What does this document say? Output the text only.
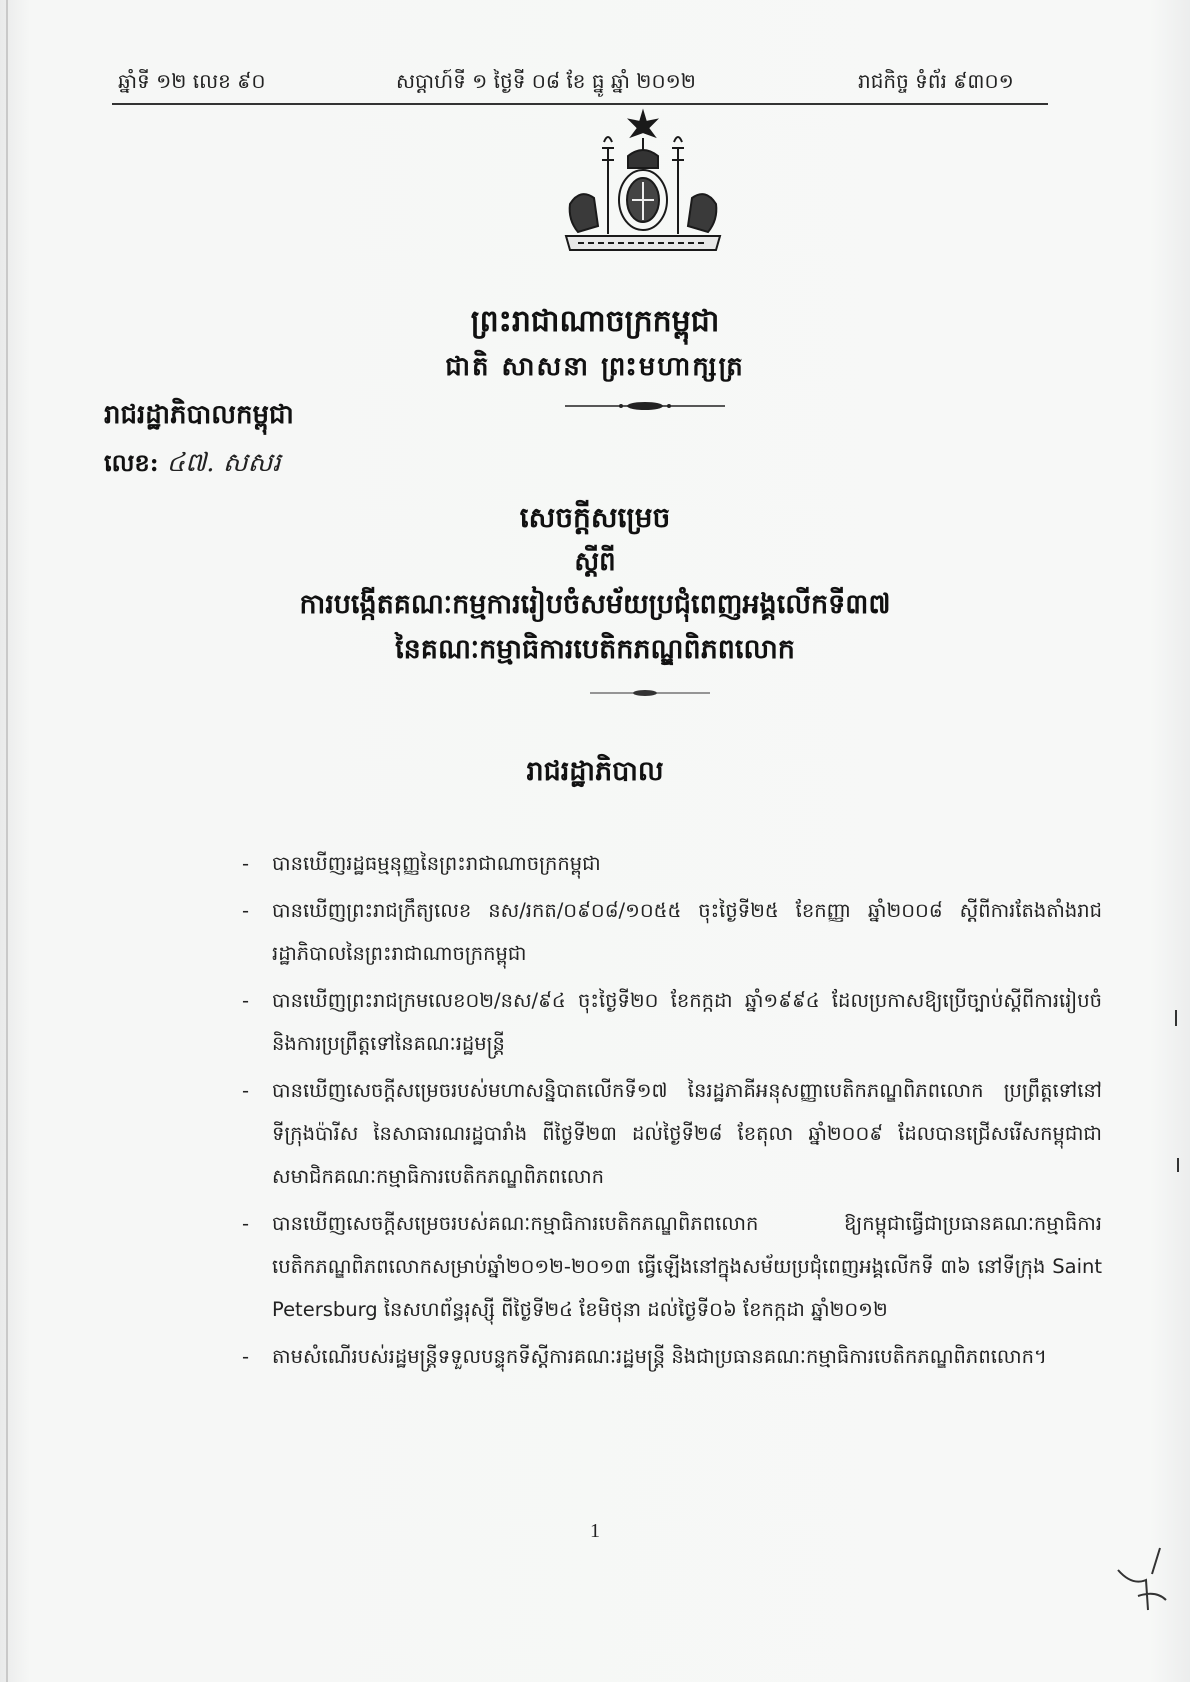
ឆ្នាំទី ១២ លេខ ៩០	សប្តាហ៍ទី ១ ថ្ងៃទី ០៨ ខែ ធ្នូ ឆ្នាំ ២០១២	រាជកិច្ច ទំព័រ ៩៣០១
ព្រះរាជាណាចក្រកម្ពុជា
ជាតិ សាសនា ព្រះមហាក្សត្រ
រាជរដ្ឋាភិបាលកម្ពុជា
លេខ: ៤៧. សសរ
សេចក្តីសម្រេច
ស្តីពី
ការបង្កើតគណៈកម្មការរៀបចំសម័យប្រជុំពេញអង្គលើកទី៣៧
នៃគណៈកម្មាធិការបេតិកភណ្ឌពិភពលោក
រាជរដ្ឋាភិបាល
- បានឃើញរដ្ឋធម្មនុញ្ញនៃព្រះរាជាណាចក្រកម្ពុជា
- បានឃើញព្រះរាជក្រឹត្យលេខ នស/រកត/០៩០៨/១០៥៥ ចុះថ្ងៃទី២៥ ខែកញ្ញា ឆ្នាំ២០០៨ ស្តីពីការតែងតាំងរាជរដ្ឋាភិបាលនៃព្រះរាជាណាចក្រកម្ពុជា
- បានឃើញព្រះរាជក្រមលេខ០២/នស/៩៤ ចុះថ្ងៃទី២០ ខែកក្កដា ឆ្នាំ១៩៩៤ ដែលប្រកាសឱ្យប្រើច្បាប់ស្តីពីការរៀបចំនិងការប្រព្រឹត្តទៅនៃគណៈរដ្ឋមន្ត្រី
- បានឃើញសេចក្តីសម្រេចរបស់មហាសន្និបាតលើកទី១៧ នៃរដ្ឋភាគីអនុសញ្ញាបេតិកភណ្ឌពិភពលោក ប្រព្រឹត្តទៅនៅទីក្រុងប៉ារីស នៃសាធារណរដ្ឋបារាំង ពីថ្ងៃទី២៣ ដល់ថ្ងៃទី២៨ ខែតុលា ឆ្នាំ២០០៩ ដែលបានជ្រើសរើសកម្ពុជាជាសមាជិកគណៈកម្មាធិការបេតិកភណ្ឌពិភពលោក
- បានឃើញសេចក្តីសម្រេចរបស់គណៈកម្មាធិការបេតិកភណ្ឌពិភពលោក ឱ្យកម្ពុជាធ្វើជាប្រធានគណៈកម្មាធិការបេតិកភណ្ឌពិភពលោកសម្រាប់ឆ្នាំ២០១២-២០១៣ ធ្វើឡើងនៅក្នុងសម័យប្រជុំពេញអង្គលើកទី ៣៦ នៅទីក្រុង Saint Petersburg នៃសហព័ន្ធរុស្ស៊ី ពីថ្ងៃទី២៤ ខែមិថុនា ដល់ថ្ងៃទី០៦ ខែកក្កដា ឆ្នាំ២០១២
- តាមសំណើរបស់រដ្ឋមន្ត្រីទទួលបន្ទុកទីស្តីការគណៈរដ្ឋមន្ត្រី និងជាប្រធានគណៈកម្មាធិការបេតិកភណ្ឌពិភពលោក។
1
